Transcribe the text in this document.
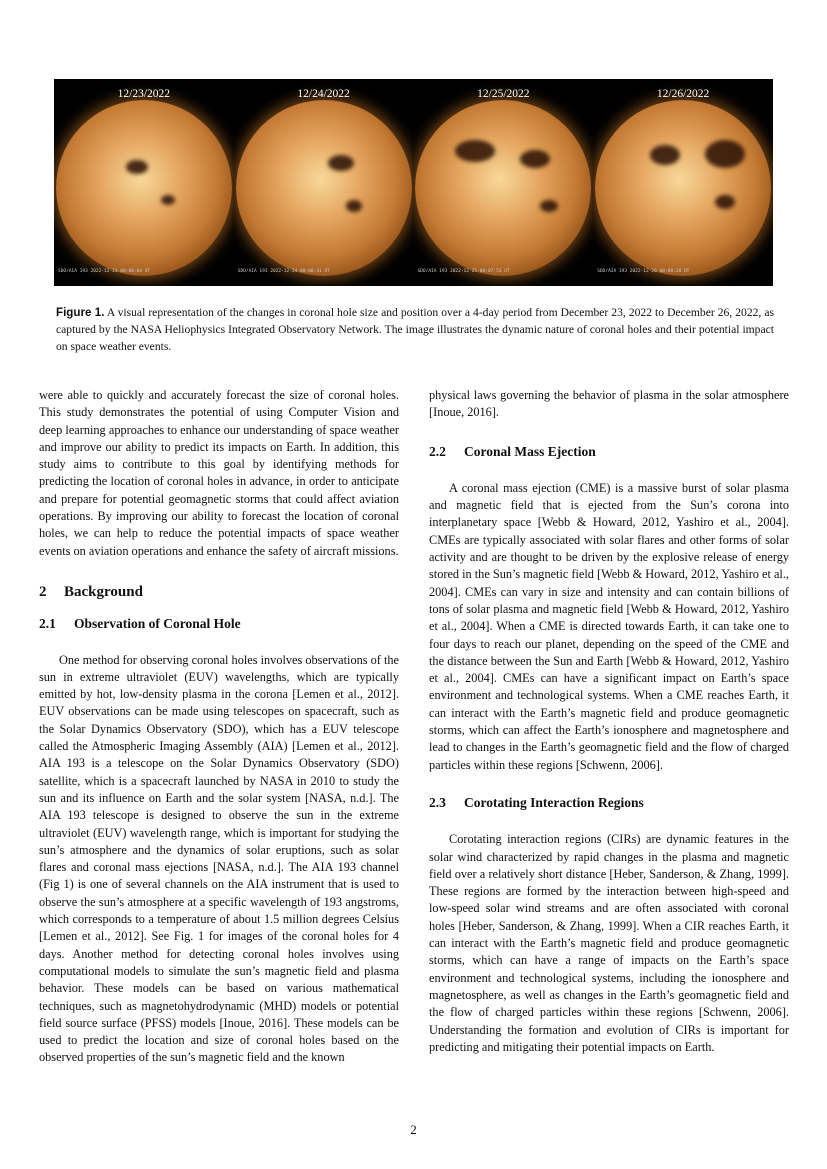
12/23/2022
SDO/AIA 193 2022-12-23 00:00:04 UT
12/24/2022
SDO/AIA 193 2022-12-24 00:00:41 UT
12/25/2022
SDO/AIA 193 2022-12-25 00:07:53 UT
12/26/2022
SDO/AIA 193 2022-12-26 00:08:28 UT
Figure 1. A visual representation of the changes in coronal hole size and position over a 4-day period from December 23, 2022 to December 26, 2022, as captured by the NASA Heliophysics Integrated Observatory Network. The image illustrates the dynamic nature of coronal holes and their potential impact on space weather events.

were able to quickly and accurately forecast the size of coronal holes. This study demonstrates the potential of using Computer Vision and deep learning approaches to enhance our understanding of space weather and improve our ability to predict its impacts on Earth. In addition, this study aims to contribute to this goal by identifying methods for predicting the location of coronal holes in advance, in order to anticipate and prepare for potential geomagnetic storms that could affect aviation operations. By improving our ability to forecast the location of coronal holes, we can help to reduce the potential impacts of space weather events on aviation operations and enhance the safety of aircraft missions.

2 Background
2.1 Observation of Coronal Hole

One method for observing coronal holes involves observations of the sun in extreme ultraviolet (EUV) wavelengths, which are typically emitted by hot, low-density plasma in the corona [Lemen et al., 2012]. EUV observations can be made using telescopes on spacecraft, such as the Solar Dynamics Observatory (SDO), which has a EUV telescope called the Atmospheric Imaging Assembly (AIA) [Lemen et al., 2012]. AIA 193 is a telescope on the Solar Dynamics Observatory (SDO) satellite, which is a spacecraft launched by NASA in 2010 to study the sun and its influence on Earth and the solar system [NASA, n.d.]. The AIA 193 telescope is designed to observe the sun in the extreme ultraviolet (EUV) wavelength range, which is important for studying the sun’s atmosphere and the dynamics of solar eruptions, such as solar flares and coronal mass ejections [NASA, n.d.]. The AIA 193 channel (Fig 1) is one of several channels on the AIA instrument that is used to observe the sun’s atmosphere at a specific wavelength of 193 angstroms, which corresponds to a temperature of about 1.5 million degrees Celsius [Lemen et al., 2012]. See Fig. 1 for images of the coronal holes for 4 days. Another method for detecting coronal holes involves using computational models to simulate the sun’s magnetic field and plasma behavior. These models can be based on various mathematical techniques, such as magnetohydrodynamic (MHD) models or potential field source surface (PFSS) models [Inoue, 2016]. These models can be used to predict the location and size of coronal holes based on the observed properties of the sun’s magnetic field and the known

physical laws governing the behavior of plasma in the solar atmosphere [Inoue, 2016].

2.2 Coronal Mass Ejection

A coronal mass ejection (CME) is a massive burst of solar plasma and magnetic field that is ejected from the Sun’s corona into interplanetary space [Webb & Howard, 2012, Yashiro et al., 2004]. CMEs are typically associated with solar flares and other forms of solar activity and are thought to be driven by the explosive release of energy stored in the Sun’s magnetic field [Webb & Howard, 2012, Yashiro et al., 2004]. CMEs can vary in size and intensity and can contain billions of tons of solar plasma and magnetic field [Webb & Howard, 2012, Yashiro et al., 2004]. When a CME is directed towards Earth, it can take one to four days to reach our planet, depending on the speed of the CME and the distance between the Sun and Earth [Webb & Howard, 2012, Yashiro et al., 2004]. CMEs can have a significant impact on Earth’s space environment and technological systems. When a CME reaches Earth, it can interact with the Earth’s magnetic field and produce geomagnetic storms, which can affect the Earth’s ionosphere and magnetosphere and lead to changes in the Earth’s geomagnetic field and the flow of charged particles within these regions [Schwenn, 2006].

2.3 Corotating Interaction Regions

Corotating interaction regions (CIRs) are dynamic features in the solar wind characterized by rapid changes in the plasma and magnetic field over a relatively short distance [Heber, Sanderson, & Zhang, 1999]. These regions are formed by the interaction between high-speed and low-speed solar wind streams and are often associated with coronal holes [Heber, Sanderson, & Zhang, 1999]. When a CIR reaches Earth, it can interact with the Earth’s magnetic field and produce geomagnetic storms, which can have a range of impacts on the Earth’s space environment and technological systems, including the ionosphere and magnetosphere, as well as changes in the Earth’s geomagnetic field and the flow of charged particles within these regions [Schwenn, 2006]. Understanding the formation and evolution of CIRs is important for predicting and mitigating their potential impacts on Earth.

2
